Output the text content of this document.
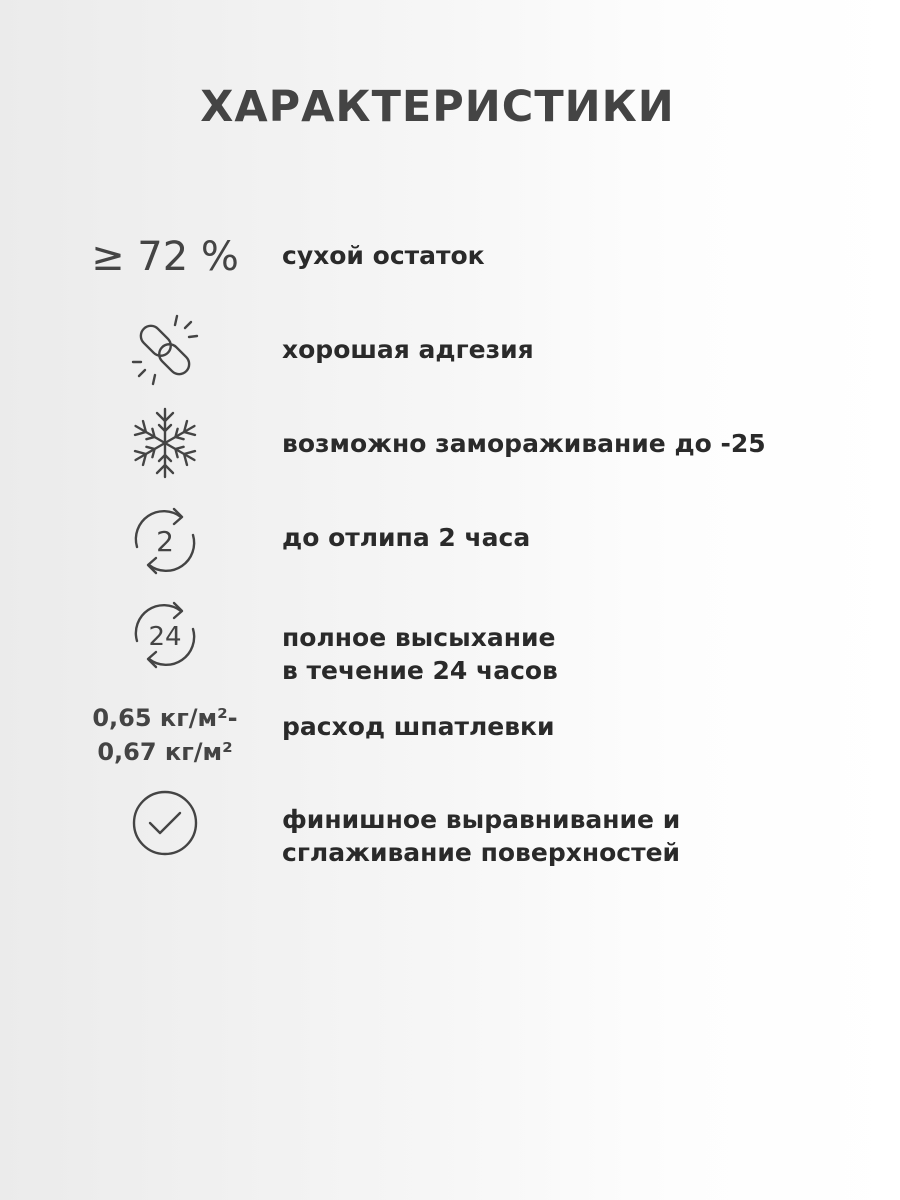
ХАРАКТЕРИСТИКИ
≥ 72 % сухой остаток
хорошая адгезия
возможно замораживание до -25
2	до отлипа 2 часа
24	полное высыхание
в течение 24 часов
0,65 кг/м²-
0,67 кг/м²
расход шпатлевки
финишное выравнивание и
сглаживание поверхностей
